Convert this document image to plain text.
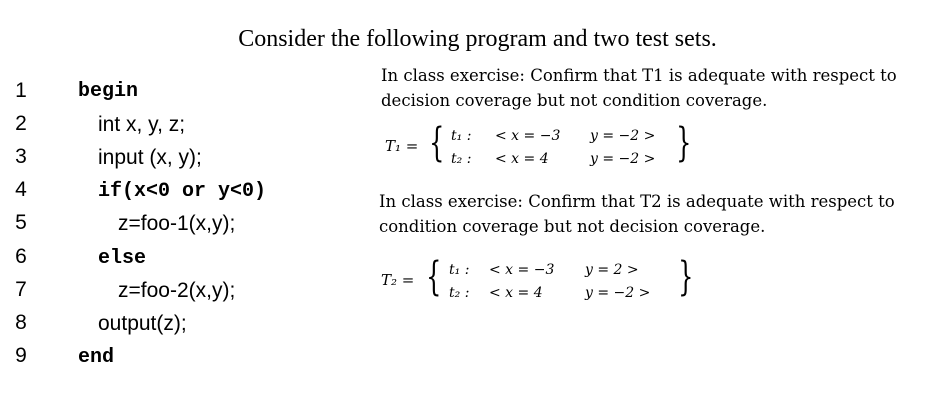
Consider the following program and two test sets.
1
2
3
4
5
6
7
8
9
begin
int x, y, z;
input (x, y);
if(x<0 or y<0)
z=foo-1(x,y);
else
z=foo-2(x,y);
output(z);
end
In class exercise: Confirm that T1 is adequate with respect to decision coverage but not condition coverage.
T₁ = { t₁ : < x = −3 y = −2 >
t₂ : < x = 4	y = −2 > }
In class exercise: Confirm that T2 is adequate with respect to condition coverage but not decision coverage.
T₂ = { t₁ : < x = −3 y = 2 >
t₂ : < x = 4	y = −2 > }
